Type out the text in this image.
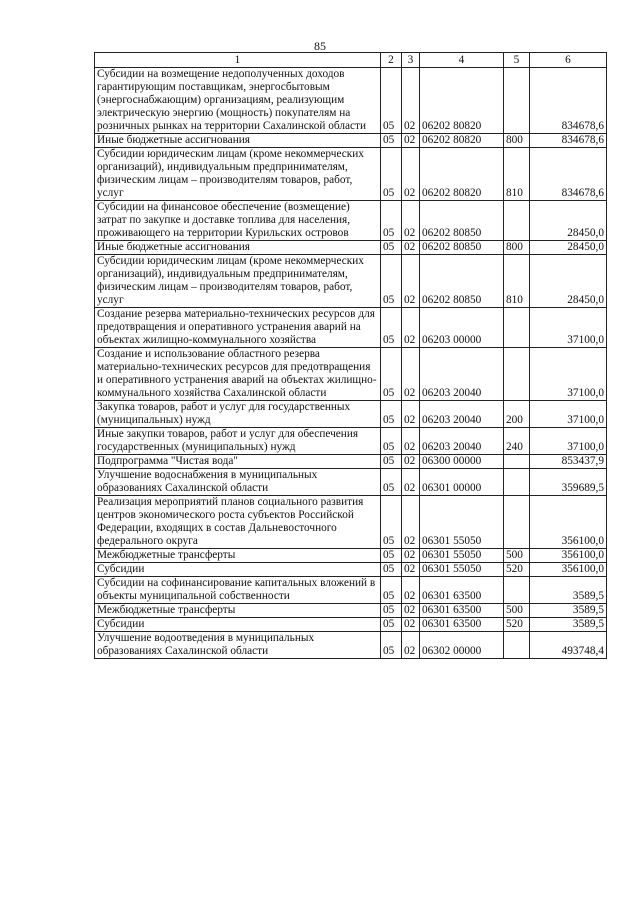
85
1	2	3	4	5	6
Субсидии на возмещение недополученных доходов гарантирующим поставщикам, энергосбытовым (энергоснабжающим) организациям, реализующим электрическую энергию (мощность) покупателям на розничных рынках на территории Сахалинской области	05	02	06202 80820		834678,6
Иные бюджетные ассигнования	05	02	06202 80820	800	834678,6
Субсидии юридическим лицам (кроме некоммерческих организаций), индивидуальным предпринимателям, физическим лицам – производителям товаров, работ, услуг	05	02	06202 80820	810	834678,6
Субсидии на финансовое обеспечение (возмещение) затрат по закупке и доставке топлива для населения, проживающего на территории Курильских островов	05	02	06202 80850		28450,0
Иные бюджетные ассигнования	05	02	06202 80850	800	28450,0
Субсидии юридическим лицам (кроме некоммерческих организаций), индивидуальным предпринимателям, физическим лицам – производителям товаров, работ, услуг	05	02	06202 80850	810	28450,0
Создание резерва материально-технических ресурсов для предотвращения и оперативного устранения аварий на объектах жилищно-коммунального хозяйства	05	02	06203 00000		37100,0
Создание и использование областного резерва материально-технических ресурсов для предотвращения и оперативного устранения аварий на объектах жилищно-коммунального хозяйства Сахалинской области	05	02	06203 20040		37100,0
Закупка товаров, работ и услуг для государственных (муниципальных) нужд	05	02	06203 20040	200	37100,0
Иные закупки товаров, работ и услуг для обеспечения государственных (муниципальных) нужд	05	02	06203 20040	240	37100,0
Подпрограмма "Чистая вода"	05	02	06300 00000		853437,9
Улучшение водоснабжения в муниципальных образованиях Сахалинской области	05	02	06301 00000		359689,5
Реализация мероприятий планов социального развития центров экономического роста субъектов Российской Федерации, входящих в состав Дальневосточного федерального округа	05	02	06301 55050		356100,0
Межбюджетные трансферты	05	02	06301 55050	500	356100,0
Субсидии	05	02	06301 55050	520	356100,0
Субсидии на софинансирование капитальных вложений в объекты муниципальной собственности	05	02	06301 63500		3589,5
Межбюджетные трансферты	05	02	06301 63500	500	3589,5
Субсидии	05	02	06301 63500	520	3589,5
Улучшение водоотведения в муниципальных образованиях Сахалинской области	05	02	06302 00000		493748,4
